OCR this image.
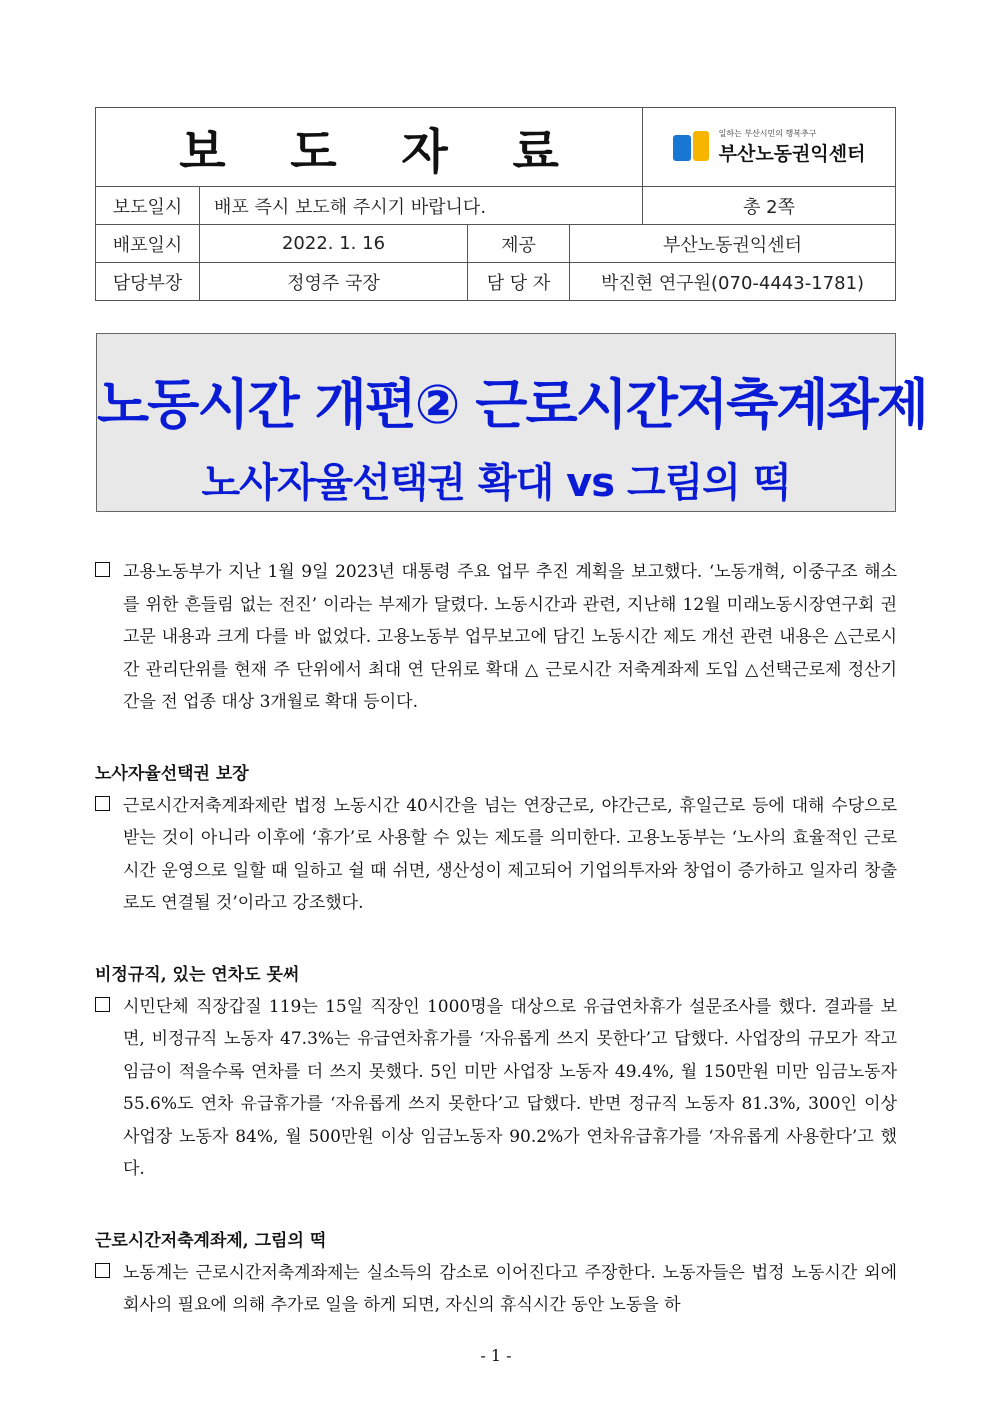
보 도 자 료				일하는 부산시민의 행복추구
부산노동권익센터

보도일시	배포 즉시 보도해 주시기 바랍니다.			총 2쪽
배포일시	2022. 1. 16	제공	부산노동권익센터	
담당부장	정영주 국장	담 당 자	박진현 연구원(070-4443-1781)	
노동시간 개편② 근로시간저축계좌제
노사자율선택권 확대 vs 그림의 떡
고용노동부가 지난 1월 9일 2023년 대통령 주요 업무 추진 계획을 보고했다. ‘노동개혁, 이중구조 해소를 위한 흔들림 없는 전진’ 이라는 부제가 달렸다. 노동시간과 관련, 지난해 12월 미래노동시장연구회 권고문 내용과 크게 다를 바 없었다. 고용노동부 업무보고에 담긴 노동시간 제도 개선 관련 내용은 △근로시간 관리단위를 현재 주 단위에서 최대 연 단위로 확대 △ 근로시간 저축계좌제 도입 △선택근로제 정산기간을 전 업종 대상 3개월로 확대 등이다.
노사자율선택권 보장
근로시간저축계좌제란 법정 노동시간 40시간을 넘는 연장근로, 야간근로, 휴일근로 등에 대해 수당으로 받는 것이 아니라 이후에 ‘휴가’로 사용할 수 있는 제도를 의미한다. 고용노동부는 ‘노사의 효율적인 근로시간 운영으로 일할 때 일하고 쉴 때 쉬면, 생산성이 제고되어 기업의투자와 창업이 증가하고 일자리 창출로도 연결될 것’이라고 강조했다.
비정규직, 있는 연차도 못써
시민단체 직장갑질 119는 15일 직장인 1000명을 대상으로 유급연차휴가 설문조사를 했다. 결과를 보면, 비정규직 노동자 47.3%는 유급연차휴가를 ‘자유롭게 쓰지 못한다’고 답했다. 사업장의 규모가 작고 임금이 적을수록 연차를 더 쓰지 못했다. 5인 미만 사업장 노동자 49.4%, 월 150만원 미만 임금노동자 55.6%도 연차 유급휴가를 ‘자유롭게 쓰지 못한다’고 답했다. 반면 정규직 노동자 81.3%, 300인 이상 사업장 노동자 84%, 월 500만원 이상 임금노동자 90.2%가 연차유급휴가를 ‘자유롭게 사용한다’고 했다.
근로시간저축계좌제, 그림의 떡
노동계는 근로시간저축계좌제는 실소득의 감소로 이어진다고 주장한다. 노동자들은 법정 노동시간 외에 회사의 필요에 의해 추가로 일을 하게 되면, 자신의 휴식시간 동안 노동을 하
- 1 -
